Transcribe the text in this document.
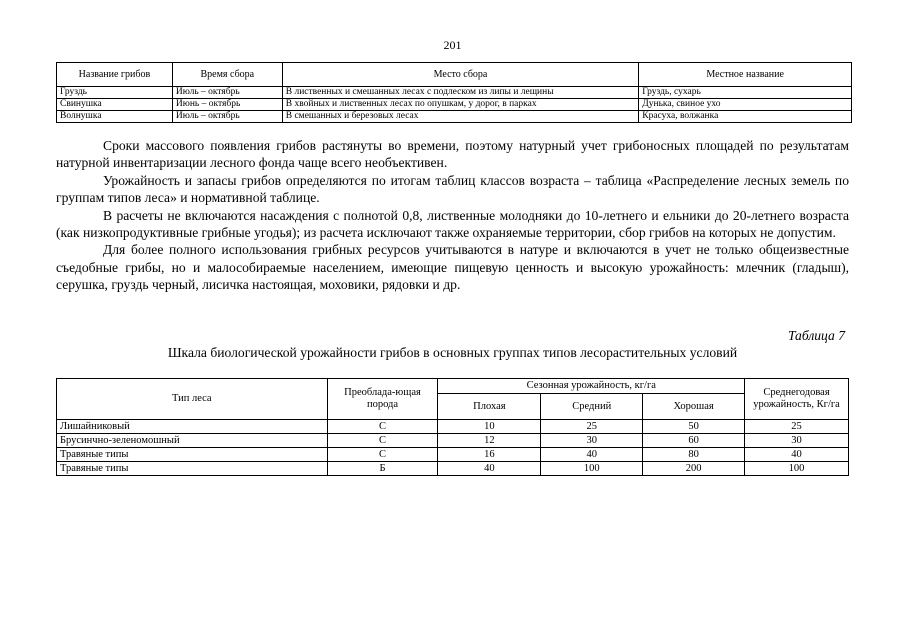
201
Название грибов	Время сбора	Место сбора	Местное название
Груздь	Июль – октябрь	В лиственных и смешанных лесах с подлеском из липы и лещины	Груздь, сухарь
Свинушка	Июнь – октябрь	В хвойных и лиственных лесах по опушкам, у дорог, в парках	Дунька, свиное ухо
Волнушка	Июль – октябрь	В смешанных и березовых лесах	Красуха, волжанка

Сроки массового появления грибов растянуты во времени, поэтому натурный учет грибоносных площадей по результатам натурной инвентаризации лесного фонда чаще всего необъективен.

Урожайность и запасы грибов определяются по итогам таблиц классов возраста – таблица «Распределение лесных земель по группам типов леса» и нормативной таблице.

В расчеты не включаются насаждения с полнотой 0,8, лиственные молодняки до 10-летнего и ельники до 20-летнего возраста (как низкопродуктивные грибные угодья); из расчета исключают также охраняемые территории, сбор грибов на которых не допустим.

Для более полного использования грибных ресурсов учитываются в натуре и включаются в учет не только общеизвестные съедобные грибы, но и малособираемые населением, имеющие пищевую ценность и высокую урожайность: млечник (гладыш), серушка, груздь черный, лисичка настоящая, моховики, рядовки и др.

Таблица 7
Шкала биологической урожайности грибов в основных группах типов лесорастительных условий
Тип леса	Преоблада-ющая порода	Сезонная урожайность, кг/га			Среднегодовая урожайность, Кг/га
		Плохая	Средний	Хорошая	
Лишайниковый	С	10	25	50	25
Брусинчно-зеленомошный	С	12	30	60	30
Травяные типы	С	16	40	80	40
Травяные типы	Б	40	100	200	100
